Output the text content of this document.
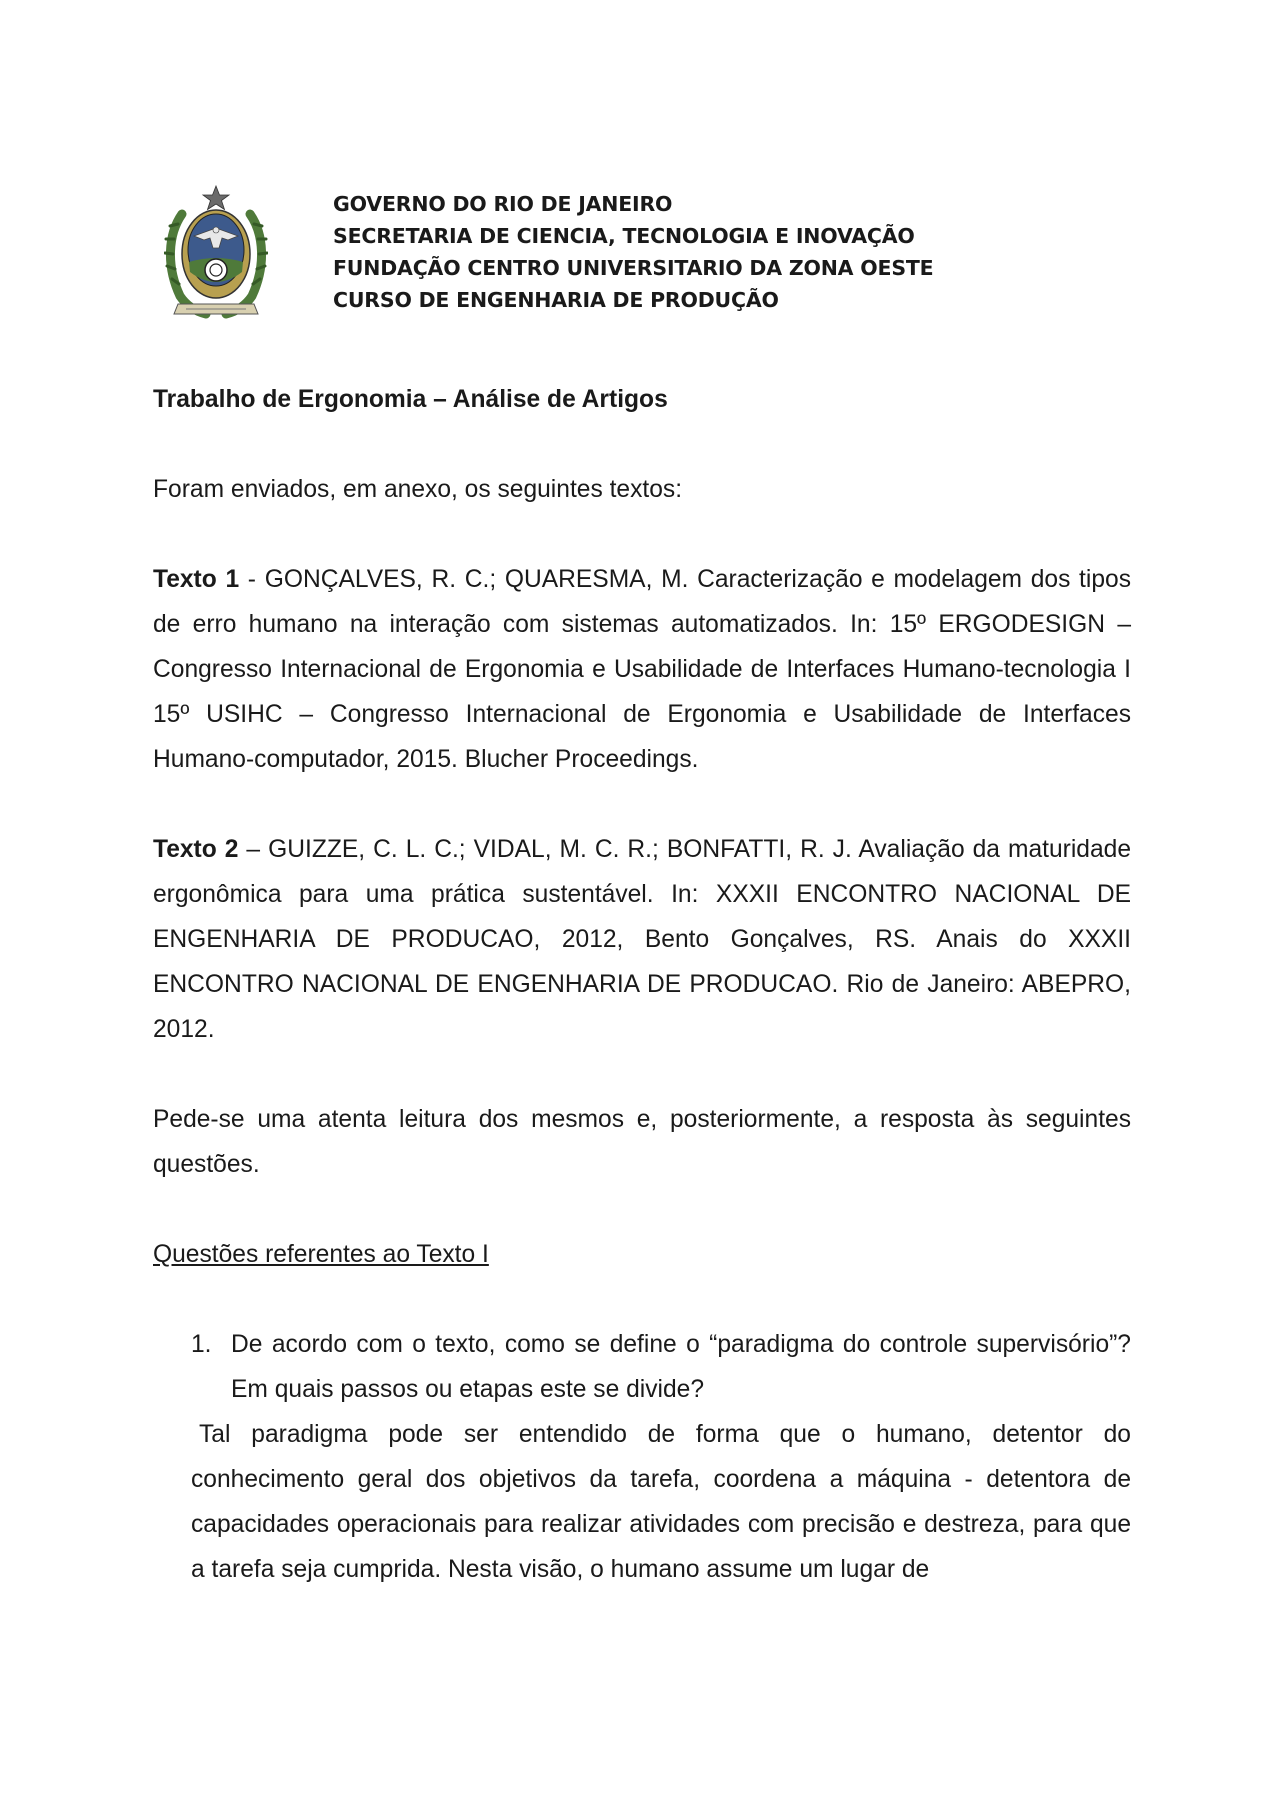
GOVERNO DO RIO DE JANEIRO
SECRETARIA DE CIENCIA, TECNOLOGIA E INOVAÇÃO
FUNDAÇÃO CENTRO UNIVERSITARIO DA ZONA OESTE
CURSO DE ENGENHARIA DE PRODUÇÃO
Trabalho de Ergonomia – Análise de Artigos
Foram enviados, em anexo, os seguintes textos:
Texto 1 - GONÇALVES, R. C.; QUARESMA, M. Caracterização e modelagem dos tipos de erro humano na interação com sistemas automatizados. In: 15º ERGODESIGN – Congresso Internacional de Ergonomia e Usabilidade de Interfaces Humano-tecnologia I 15º USIHC – Congresso Internacional de Ergonomia e Usabilidade de Interfaces Humano-computador, 2015. Blucher Proceedings.
Texto 2 – GUIZZE, C. L. C.; VIDAL, M. C. R.; BONFATTI, R. J. Avaliação da maturidade ergonômica para uma prática sustentável. In: XXXII ENCONTRO NACIONAL DE ENGENHARIA DE PRODUCAO, 2012, Bento Gonçalves, RS. Anais do XXXII ENCONTRO NACIONAL DE ENGENHARIA DE PRODUCAO. Rio de Janeiro: ABEPRO, 2012.
Pede-se uma atenta leitura dos mesmos e, posteriormente, a resposta às seguintes questões.
Questões referentes ao Texto I
1. De acordo com o texto, como se define o “paradigma do controle supervisório”? Em quais passos ou etapas este se divide?
Tal paradigma pode ser entendido de forma que o humano, detentor do conhecimento geral dos objetivos da tarefa, coordena a máquina - detentora de capacidades operacionais para realizar atividades com precisão e destreza, para que a tarefa seja cumprida. Nesta visão, o humano assume um lugar de
